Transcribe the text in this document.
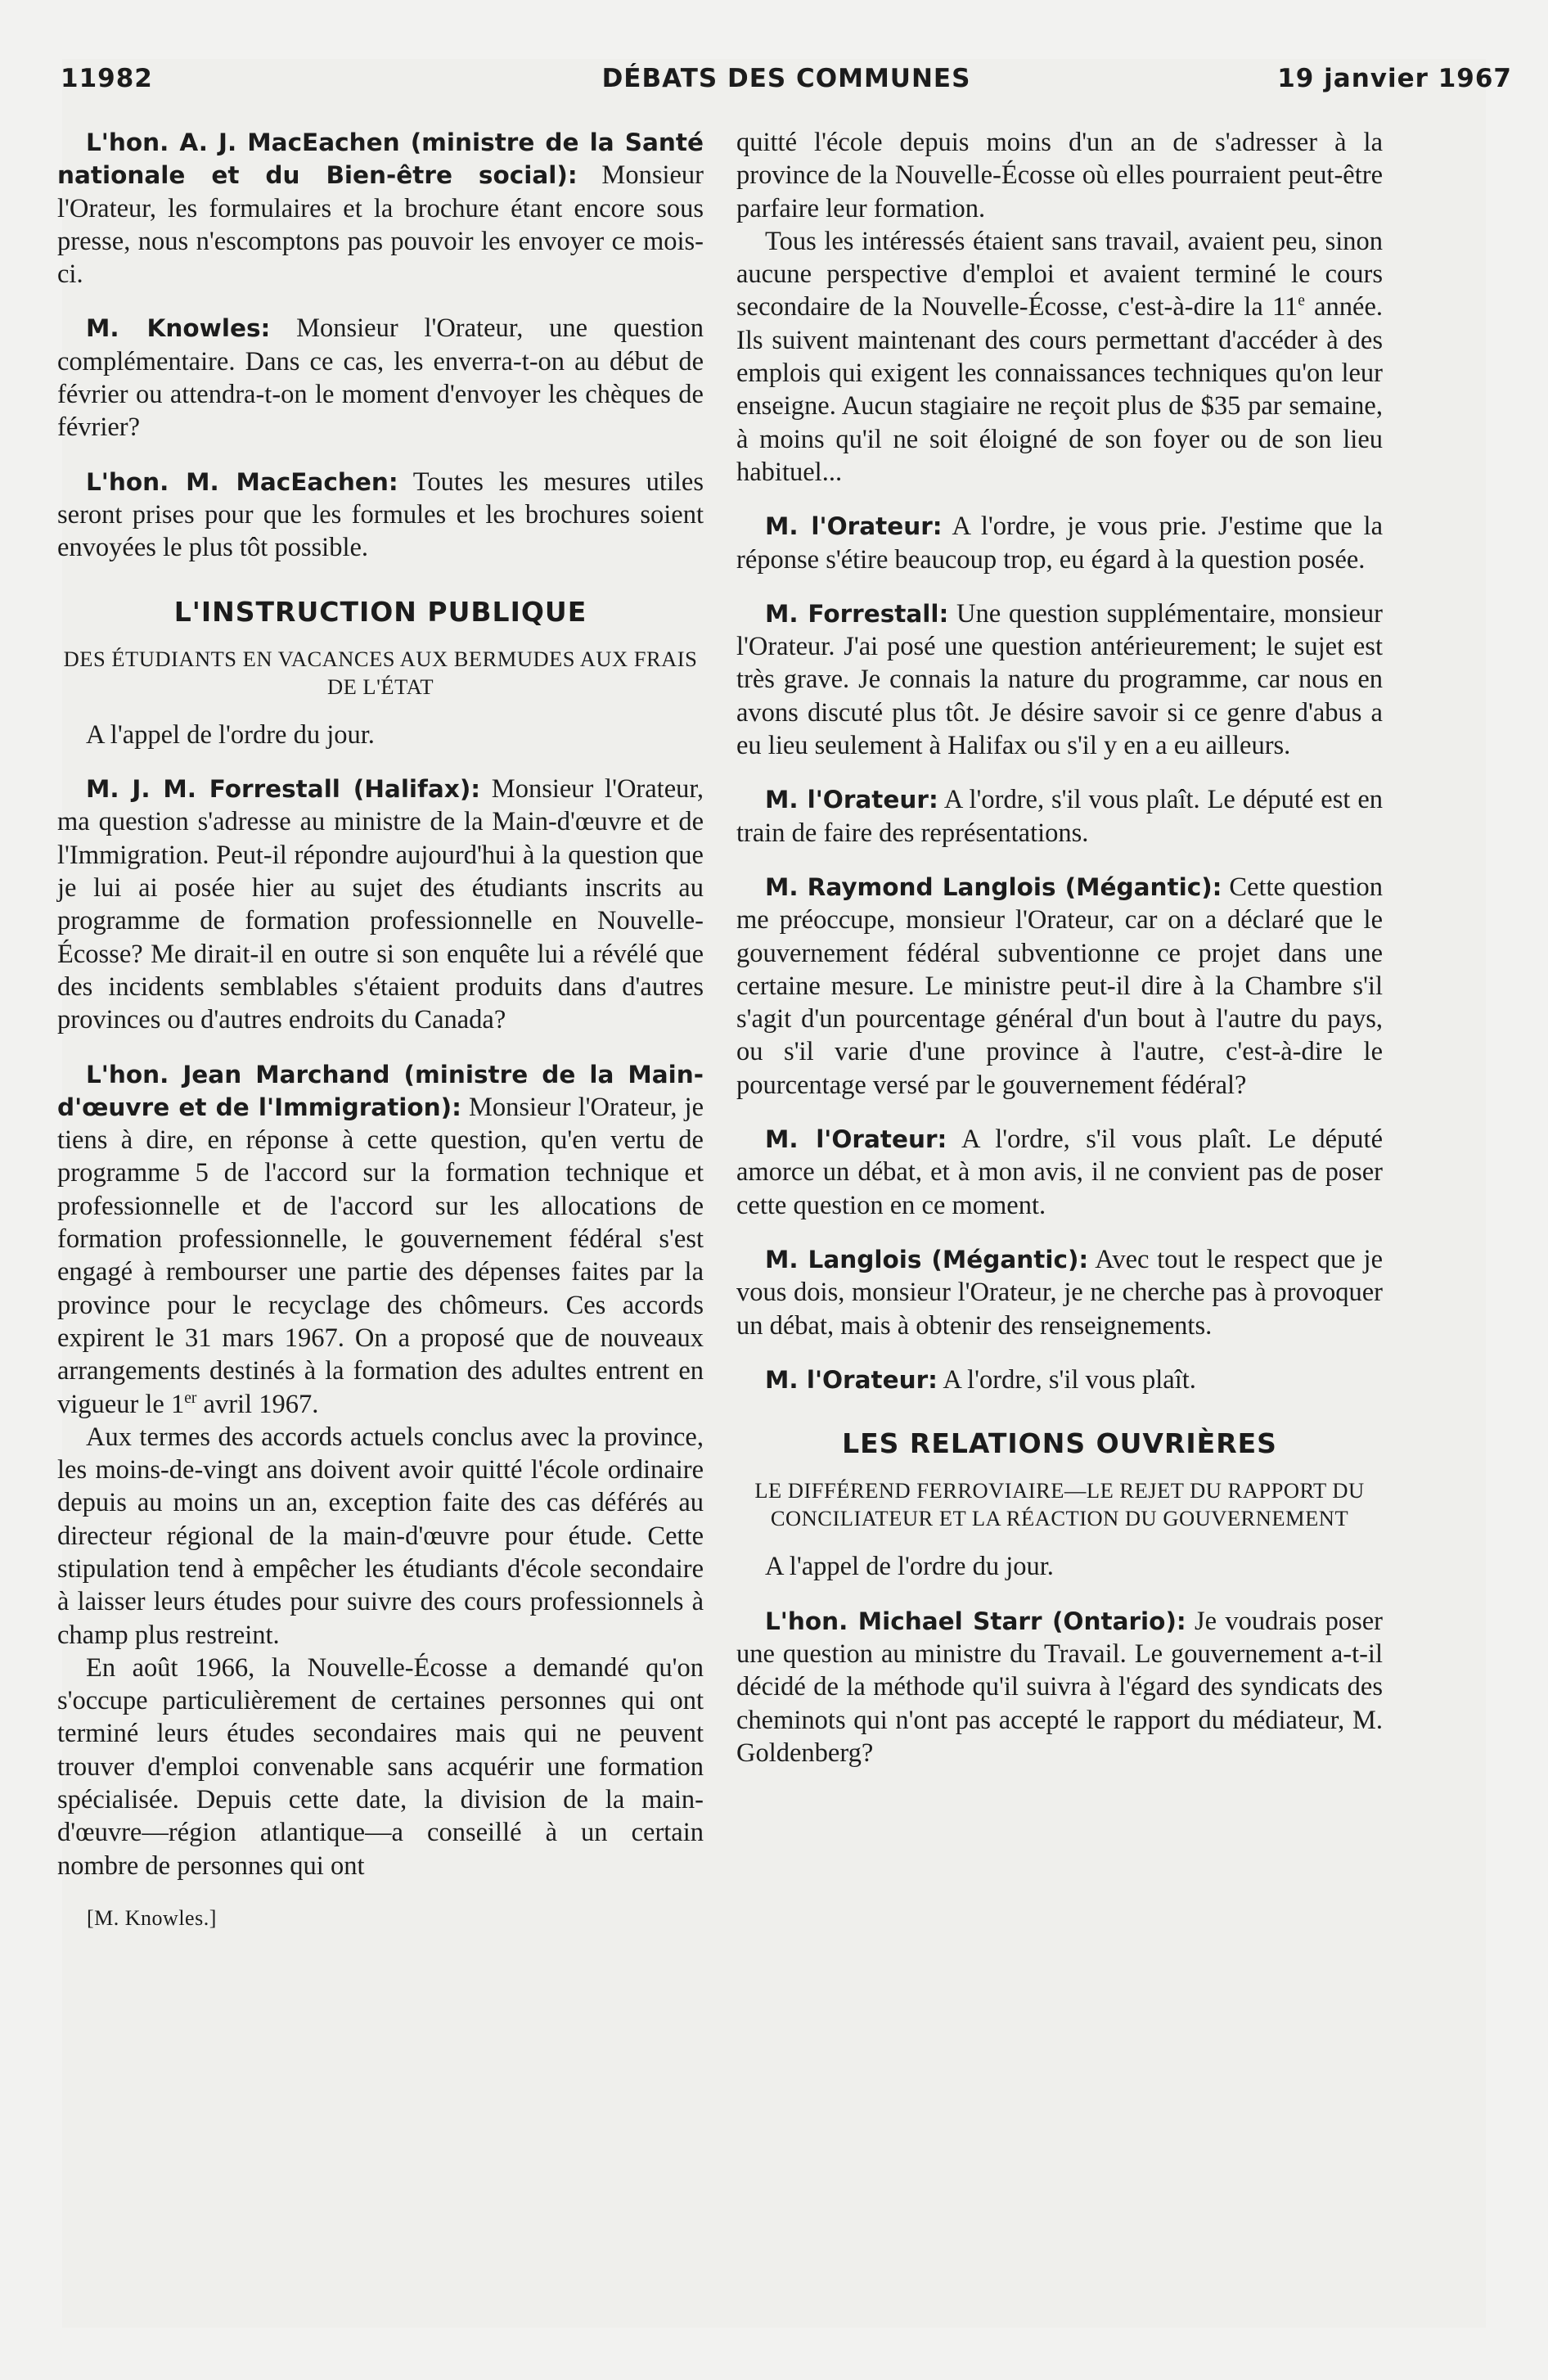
11982	DÉBATS DES COMMUNES	19 janvier 1967

L'hon. A. J. MacEachen (ministre de la Santé nationale et du Bien-être social): Monsieur l'Orateur, les formulaires et la brochure étant encore sous presse, nous n'escomptons pas pouvoir les envoyer ce mois-ci.

M. Knowles: Monsieur l'Orateur, une question complémentaire. Dans ce cas, les enverra-t-on au début de février ou attendra-t-on le moment d'envoyer les chèques de février?

L'hon. M. MacEachen: Toutes les mesures utiles seront prises pour que les formules et les brochures soient envoyées le plus tôt possible.

L'INSTRUCTION PUBLIQUE
DES ÉTUDIANTS EN VACANCES AUX BERMUDES AUX FRAIS DE L'ÉTAT

A l'appel de l'ordre du jour.

M. J. M. Forrestall (Halifax): Monsieur l'Orateur, ma question s'adresse au ministre de la Main-d'œuvre et de l'Immigration. Peut-il répondre aujourd'hui à la question que je lui ai posée hier au sujet des étudiants inscrits au programme de formation professionnelle en Nouvelle-Écosse? Me dirait-il en outre si son enquête lui a révélé que des incidents semblables s'étaient produits dans d'autres provinces ou d'autres endroits du Canada?

L'hon. Jean Marchand (ministre de la Main-d'œuvre et de l'Immigration): Monsieur l'Orateur, je tiens à dire, en réponse à cette question, qu'en vertu de programme 5 de l'accord sur la formation technique et professionnelle et de l'accord sur les allocations de formation professionnelle, le gouvernement fédéral s'est engagé à rembourser une partie des dépenses faites par la province pour le recyclage des chômeurs. Ces accords expirent le 31 mars 1967. On a proposé que de nouveaux arrangements destinés à la formation des adultes entrent en vigueur le 1er avril 1967.

Aux termes des accords actuels conclus avec la province, les moins-de-vingt ans doivent avoir quitté l'école ordinaire depuis au moins un an, exception faite des cas déférés au directeur régional de la main-d'œuvre pour étude. Cette stipulation tend à empêcher les étudiants d'école secondaire à laisser leurs études pour suivre des cours professionnels à champ plus restreint.

En août 1966, la Nouvelle-Écosse a demandé qu'on s'occupe particulièrement de certaines personnes qui ont terminé leurs études secondaires mais qui ne peuvent trouver d'emploi convenable sans acquérir une formation spécialisée. Depuis cette date, la division de la main-d'œuvre—région atlantique—a conseillé à un certain nombre de personnes qui ont

[M. Knowles.]

quitté l'école depuis moins d'un an de s'adresser à la province de la Nouvelle-Écosse où elles pourraient peut-être parfaire leur formation.

Tous les intéressés étaient sans travail, avaient peu, sinon aucune perspective d'emploi et avaient terminé le cours secondaire de la Nouvelle-Écosse, c'est-à-dire la 11e année. Ils suivent maintenant des cours permettant d'accéder à des emplois qui exigent les connaissances techniques qu'on leur enseigne. Aucun stagiaire ne reçoit plus de $35 par semaine, à moins qu'il ne soit éloigné de son foyer ou de son lieu habituel...

M. l'Orateur: A l'ordre, je vous prie. J'estime que la réponse s'étire beaucoup trop, eu égard à la question posée.

M. Forrestall: Une question supplémentaire, monsieur l'Orateur. J'ai posé une question antérieurement; le sujet est très grave. Je connais la nature du programme, car nous en avons discuté plus tôt. Je désire savoir si ce genre d'abus a eu lieu seulement à Halifax ou s'il y en a eu ailleurs.

M. l'Orateur: A l'ordre, s'il vous plaît. Le député est en train de faire des représentations.

M. Raymond Langlois (Mégantic): Cette question me préoccupe, monsieur l'Orateur, car on a déclaré que le gouvernement fédéral subventionne ce projet dans une certaine mesure. Le ministre peut-il dire à la Chambre s'il s'agit d'un pourcentage général d'un bout à l'autre du pays, ou s'il varie d'une province à l'autre, c'est-à-dire le pourcentage versé par le gouvernement fédéral?

M. l'Orateur: A l'ordre, s'il vous plaît. Le député amorce un débat, et à mon avis, il ne convient pas de poser cette question en ce moment.

M. Langlois (Mégantic): Avec tout le respect que je vous dois, monsieur l'Orateur, je ne cherche pas à provoquer un débat, mais à obtenir des renseignements.

M. l'Orateur: A l'ordre, s'il vous plaît.

LES RELATIONS OUVRIÈRES
LE DIFFÉREND FERROVIAIRE—LE REJET DU RAPPORT DU CONCILIATEUR ET LA RÉACTION DU GOUVERNEMENT

A l'appel de l'ordre du jour.

L'hon. Michael Starr (Ontario): Je voudrais poser une question au ministre du Travail. Le gouvernement a-t-il décidé de la méthode qu'il suivra à l'égard des syndicats des cheminots qui n'ont pas accepté le rapport du médiateur, M. Goldenberg?
